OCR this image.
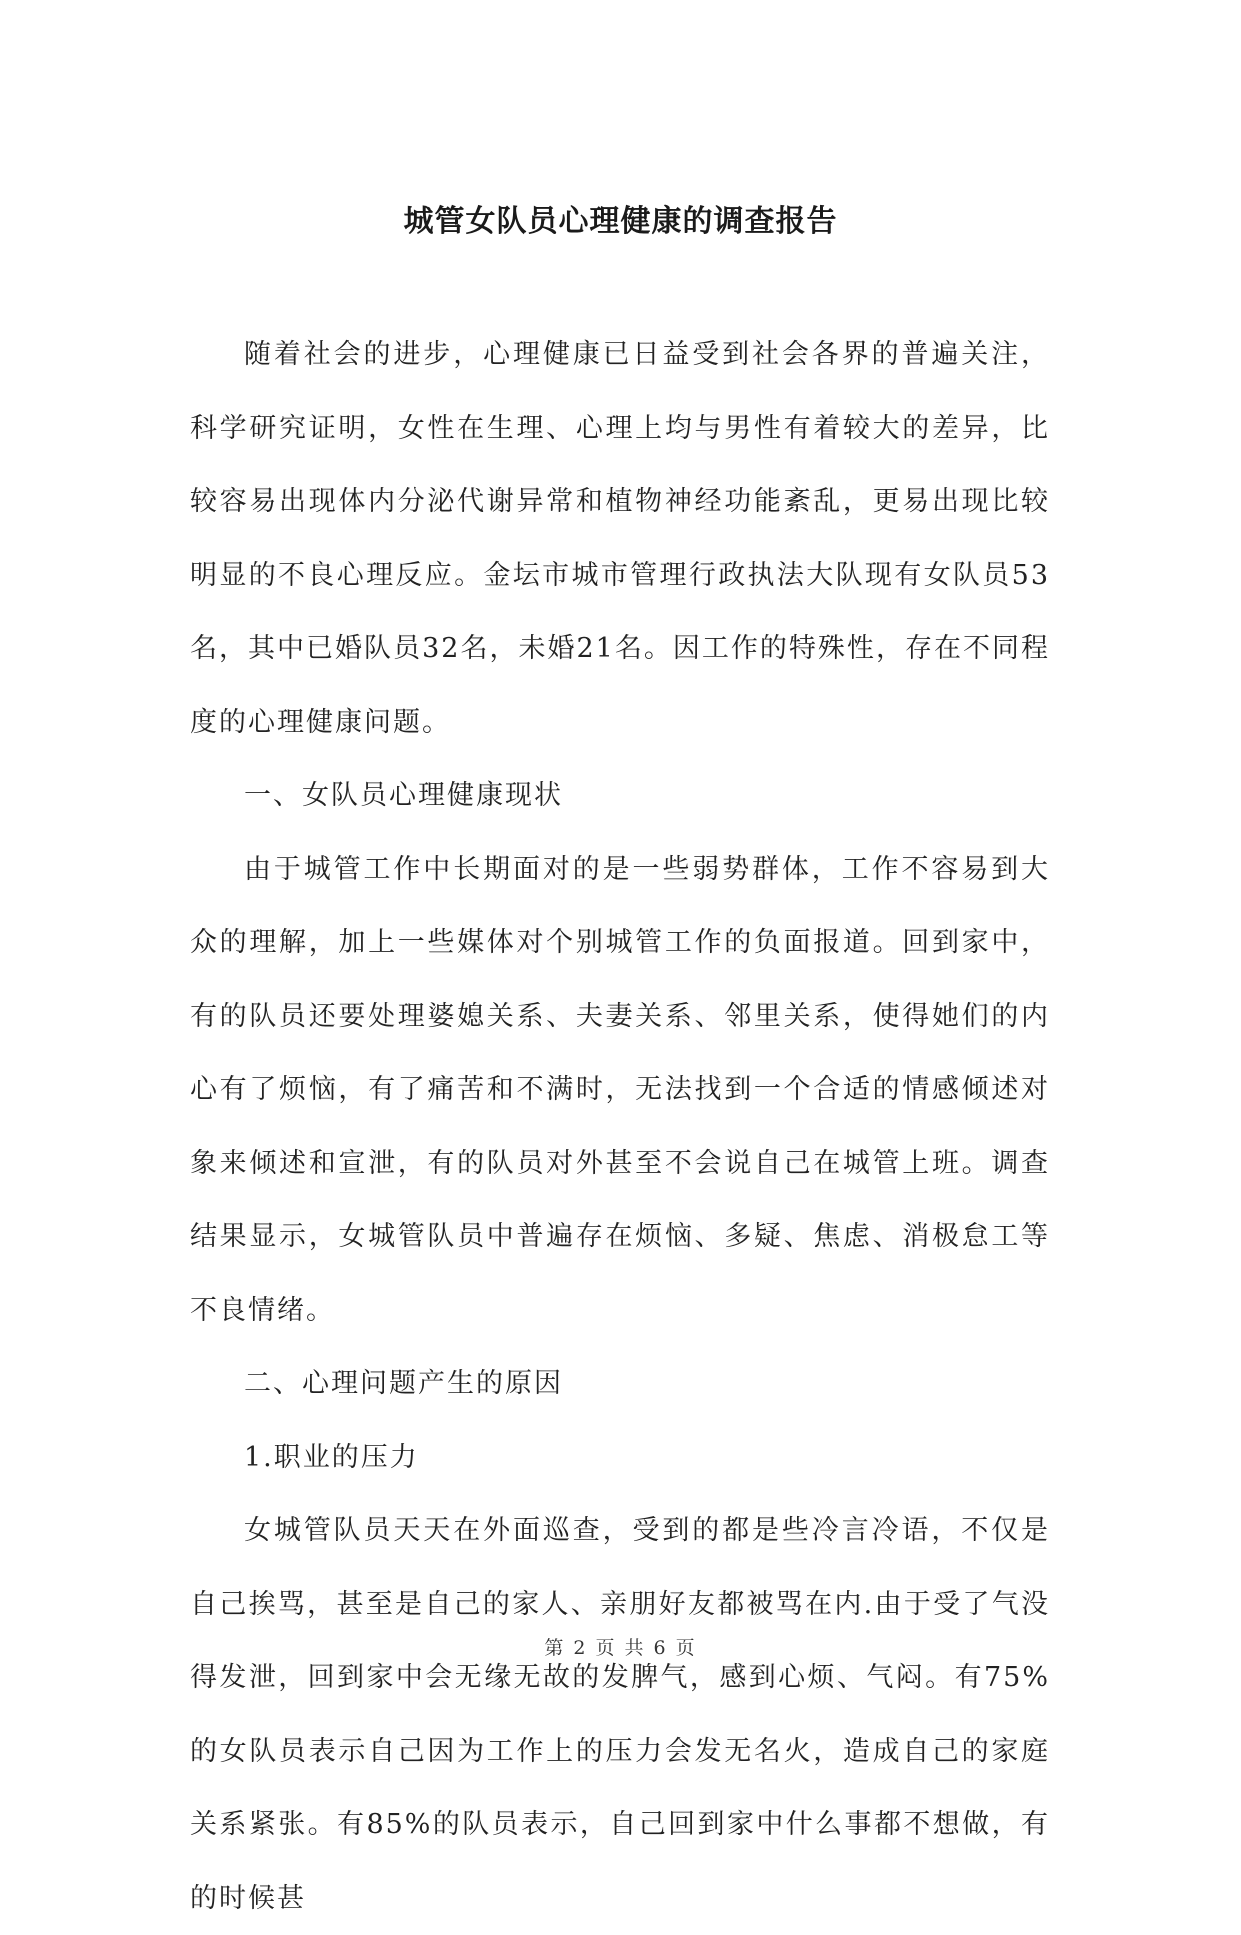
城管女队员心理健康的调查报告

随着社会的进步，心理健康已日益受到社会各界的普遍关注，科学研究证明，女性在生理、心理上均与男性有着较大的差异，比较容易出现体内分泌代谢异常和植物神经功能紊乱，更易出现比较明显的不良心理反应。金坛市城市管理行政执法大队现有女队员53名，其中已婚队员32名，未婚21名。因工作的特殊性，存在不同程度的心理健康问题。

一、女队员心理健康现状

由于城管工作中长期面对的是一些弱势群体，工作不容易到大众的理解，加上一些媒体对个别城管工作的负面报道。回到家中，有的队员还要处理婆媳关系、夫妻关系、邻里关系，使得她们的内心有了烦恼，有了痛苦和不满时，无法找到一个合适的情感倾述对象来倾述和宣泄，有的队员对外甚至不会说自己在城管上班。调查结果显示，女城管队员中普遍存在烦恼、多疑、焦虑、消极怠工等不良情绪。

二、心理问题产生的原因

1.职业的压力

女城管队员天天在外面巡查，受到的都是些冷言冷语，不仅是自己挨骂，甚至是自己的家人、亲朋好友都被骂在内.由于受了气没得发泄，回到家中会无缘无故的发脾气，感到心烦、气闷。有75%的女队员表示自己因为工作上的压力会发无名火，造成自己的家庭关系紧张。有85%的队员表示，自己回到家中什么事都不想做，有的时候甚

第 2 页 共 6 页
